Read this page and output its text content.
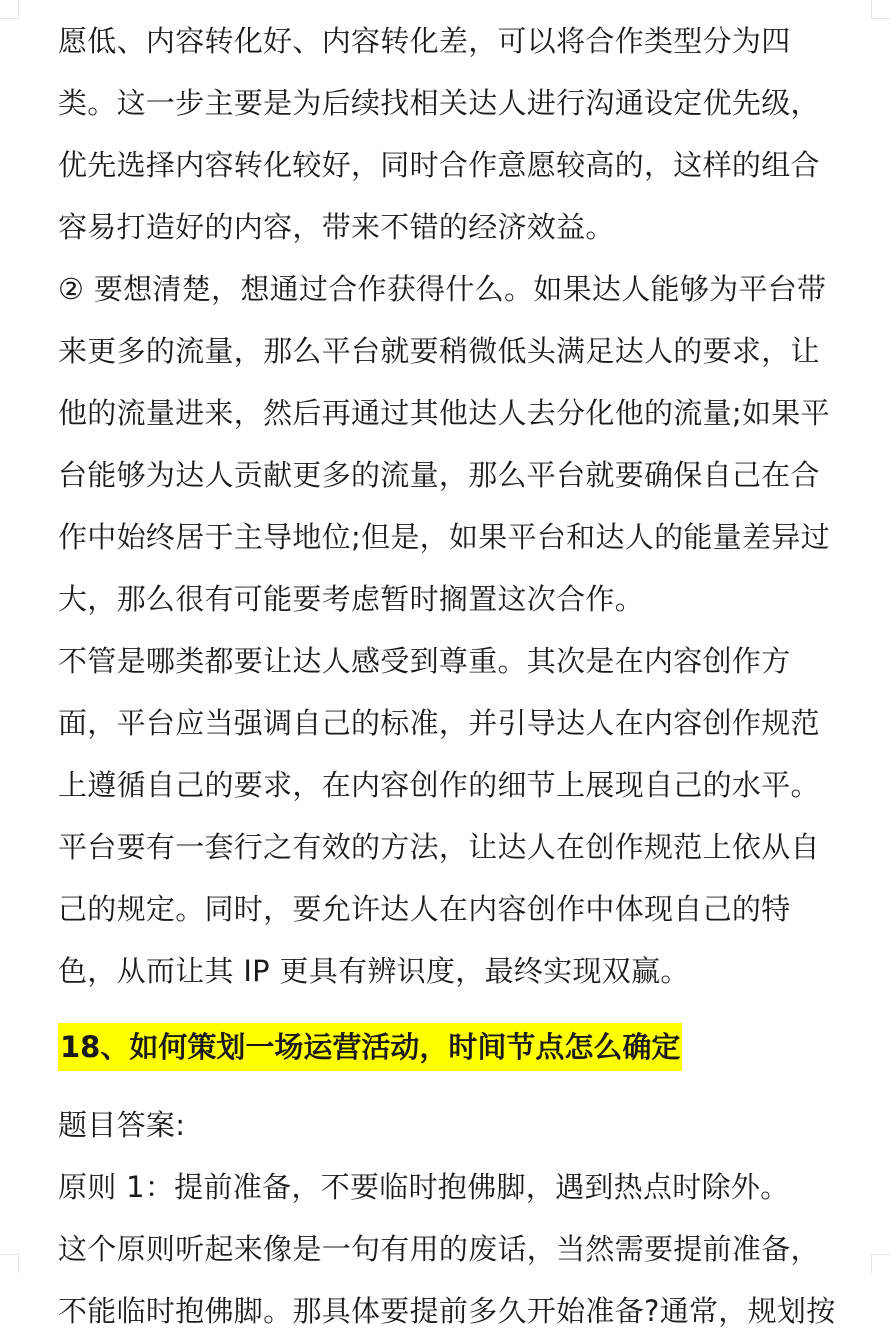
愿低、内容转化好、内容转化差，可以将合作类型分为四
类。这一步主要是为后续找相关达人进行沟通设定优先级，
优先选择内容转化较好，同时合作意愿较高的，这样的组合
容易打造好的内容，带来不错的经济效益。
② 要想清楚，想通过合作获得什么。如果达人能够为平台带
来更多的流量，那么平台就要稍微低头满足达人的要求，让
他的流量进来，然后再通过其他达人去分化他的流量;如果平
台能够为达人贡献更多的流量，那么平台就要确保自己在合
作中始终居于主导地位;但是，如果平台和达人的能量差异过
大，那么很有可能要考虑暂时搁置这次合作。
不管是哪类都要让达人感受到尊重。其次是在内容创作方
面，平台应当强调自己的标准，并引导达人在内容创作规范
上遵循自己的要求，在内容创作的细节上展现自己的水平。
平台要有一套行之有效的方法，让达人在创作规范上依从自
己的规定。同时，要允许达人在内容创作中体现自己的特
色，从而让其 IP 更具有辨识度，最终实现双赢。
18、如何策划一场运营活动，时间节点怎么确定
题目答案:
原则 1：提前准备，不要临时抱佛脚，遇到热点时除外。
这个原则听起来像是一句有用的废话，当然需要提前准备，
不能临时抱佛脚。那具体要提前多久开始准备?通常，规划按
